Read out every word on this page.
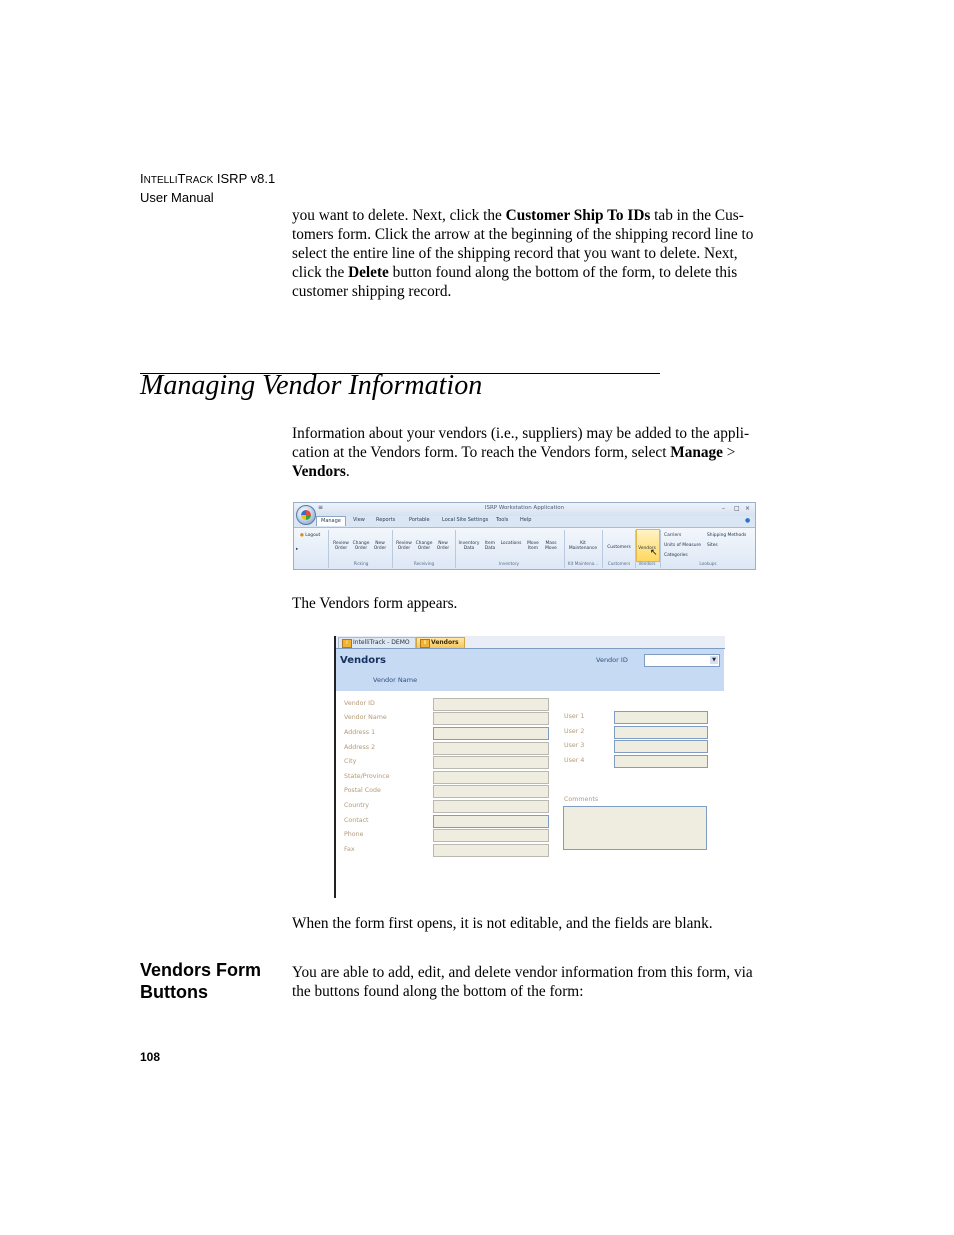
INTELLITRACK ISRP v8.1
User Manual

you want to delete. Next, click the Customer Ship To IDs tab in the Cus-tomers form. Click the arrow at the beginning of the shipping record line to select the entire line of the shipping record that you want to delete. Next, click the Delete button found along the bottom of the form, to delete this customer shipping record.

Managing Vendor Information

Information about your vendors (i.e., suppliers) may be added to the appli-cation at the Vendors form. To reach the Vendors form, select Manage > Vendors.

ISRP Workstation Application	– □ ×
≡
Manage	View Reports	Portable Local Site Settings Tools Help	●
● Logout
▸
Review
Order
Change
Order
New
Order
Picking
Review
Order
Change
Order
New
Order
Receiving
Inventory
Data
Item
Data
Locations	Move
Item
Mass
Move
Inventory
Kit
Maintenance
Kit Maintena...
Customers
Customers
Vendors
Vendors
↖
Carriers
Units of Measure
Categories
Shipping Methods
Sites
Lookups

The Vendors form appears.

i IntelliTrack - DEMO	i Vendors
Vendors	Vendor ID	▼
Vendor Name
Vendor ID
Vendor Name
Address 1
Address 2
City
State/Province
Postal Code
Country
Contact
Phone
Fax
User 1
User 2
User 3
User 4
Comments

When the form first opens, it is not editable, and the fields are blank.

Vendors Form Buttons

You are able to add, edit, and delete vendor information from this form, via the buttons found along the bottom of the form:

108
